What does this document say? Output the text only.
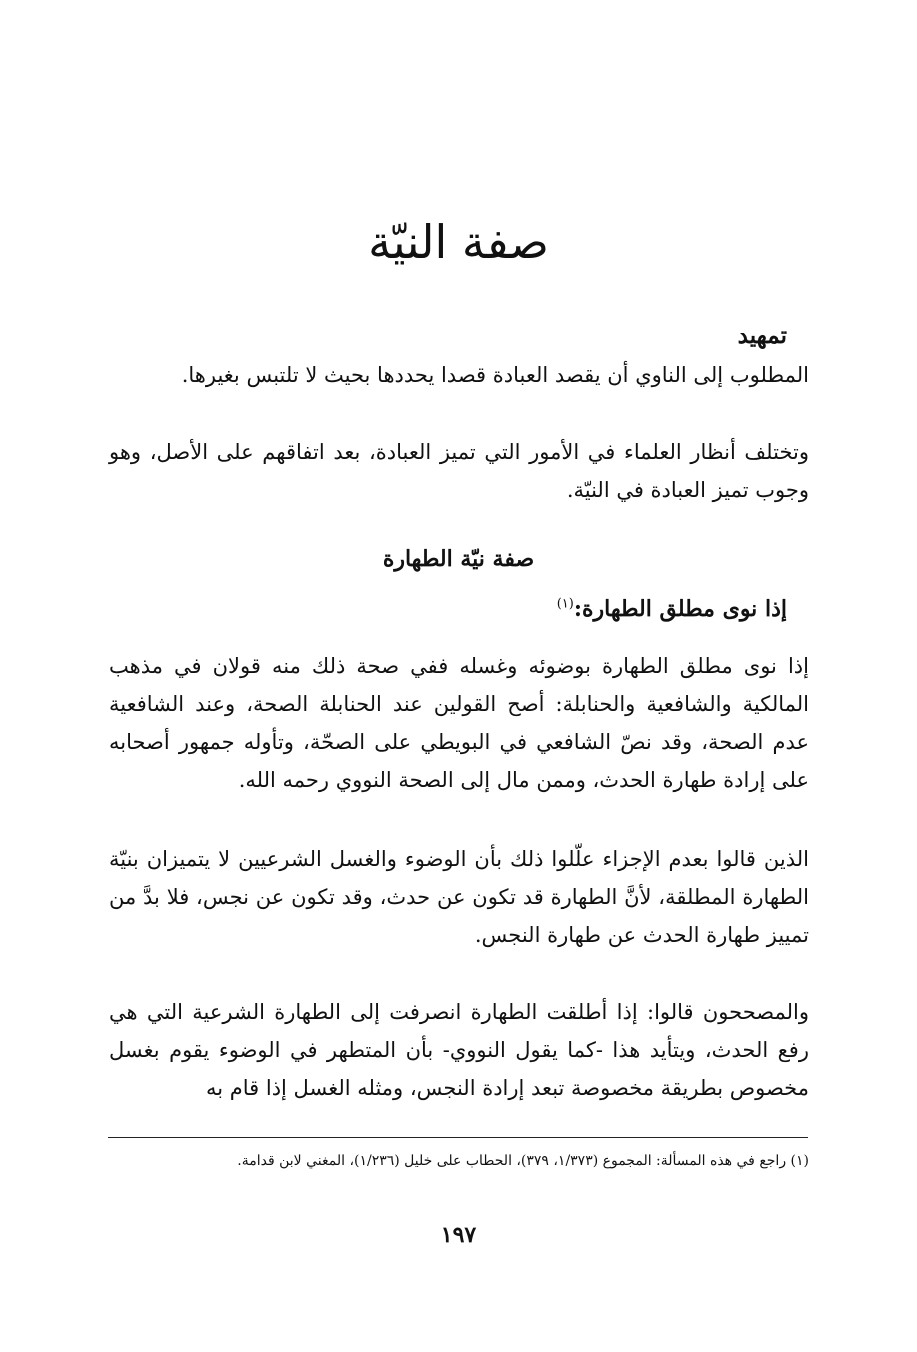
صفة النيّة
تمهيد

المطلوب إلى الناوي أن يقصد العبادة قصدا يحددها بحيث لا تلتبس بغيرها.

وتختلف أنظار العلماء في الأمور التي تميز العبادة، بعد اتفاقهم على الأصل، وهو وجوب تميز العبادة في النيّة.

صفة نيّة الطهارة
إذا نوى مطلق الطهارة:$^{(١)}$

إذا نوى مطلق الطهارة بوضوئه وغسله ففي صحة ذلك منه قولان في مذهب المالكية والشافعية والحنابلة: أصح القولين عند الحنابلة الصحة، وعند الشافعية عدم الصحة، وقد نصّ الشافعي في البويطي على الصحّة، وتأوله جمهور أصحابه على إرادة طهارة الحدث، وممن مال إلى الصحة النووي رحمه الله.

الذين قالوا بعدم الإجزاء علّلوا ذلك بأن الوضوء والغسل الشرعيين لا يتميزان بنيّة الطهارة المطلقة، لأنَّ الطهارة قد تكون عن حدث، وقد تكون عن نجس، فلا بدَّ من تمييز طهارة الحدث عن طهارة النجس.

والمصححون قالوا: إذا أطلقت الطهارة انصرفت إلى الطهارة الشرعية التي هي رفع الحدث، ويتأيد هذا -كما يقول النووي- بأن المتطهر في الوضوء يقوم بغسل مخصوص بطريقة مخصوصة تبعد إرادة النجس، ومثله الغسل إذا قام به

(١) راجع في هذه المسألة: المجموع (١/٣٧٣، ٣٧٩)، الحطاب على خليل (١/٢٣٦)، المغني لابن قدامة.

١٩٧
